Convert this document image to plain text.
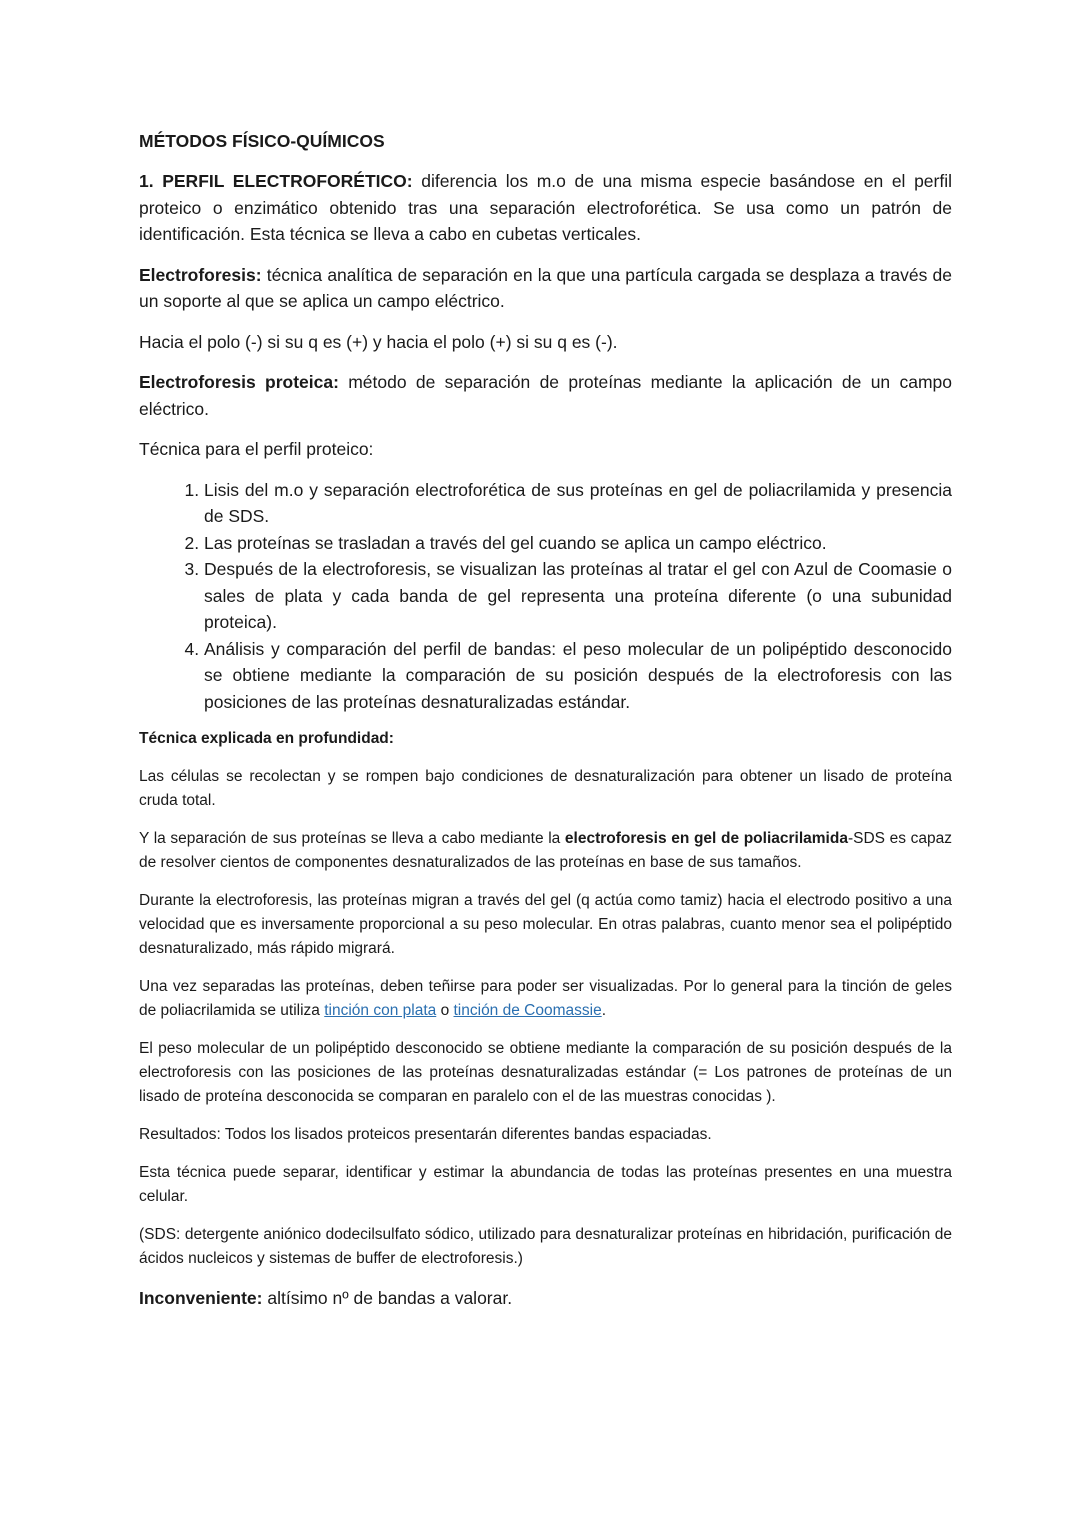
MÉTODOS FÍSICO-QUÍMICOS

1. PERFIL ELECTROFORÉTICO: diferencia los m.o de una misma especie basándose en el perfil proteico o enzimático obtenido tras una separación electroforética. Se usa como un patrón de identificación. Esta técnica se lleva a cabo en cubetas verticales.

Electroforesis: técnica analítica de separación en la que una partícula cargada se desplaza a través de un soporte al que se aplica un campo eléctrico.

Hacia el polo (-) si su q es (+) y hacia el polo (+) si su q es (-).

Electroforesis proteica: método de separación de proteínas mediante la aplicación de un campo eléctrico.

Técnica para el perfil proteico:

1. Lisis del m.o y separación electroforética de sus proteínas en gel de poliacrilamida y presencia de SDS.
2. Las proteínas se trasladan a través del gel cuando se aplica un campo eléctrico.
3. Después de la electroforesis, se visualizan las proteínas al tratar el gel con Azul de Coomasie o sales de plata y cada banda de gel representa una proteína diferente (o una subunidad proteica).
4. Análisis y comparación del perfil de bandas: el peso molecular de un polipéptido desconocido se obtiene mediante la comparación de su posición después de la electroforesis con las posiciones de las proteínas desnaturalizadas estándar.

Técnica explicada en profundidad:

Las células se recolectan y se rompen bajo condiciones de desnaturalización para obtener un lisado de proteína cruda total.

Y la separación de sus proteínas se lleva a cabo mediante la electroforesis en gel de poliacrilamida-SDS es capaz de resolver cientos de componentes desnaturalizados de las proteínas en base de sus tamaños.

Durante la electroforesis, las proteínas migran a través del gel (q actúa como tamiz) hacia el electrodo positivo a una velocidad que es inversamente proporcional a su peso molecular. En otras palabras, cuanto menor sea el polipéptido desnaturalizado, más rápido migrará.

Una vez separadas las proteínas, deben teñirse para poder ser visualizadas. Por lo general para la tinción de geles de poliacrilamida se utiliza tinción con plata o tinción de Coomassie.

El peso molecular de un polipéptido desconocido se obtiene mediante la comparación de su posición después de la electroforesis con las posiciones de las proteínas desnaturalizadas estándar (= Los patrones de proteínas de un lisado de proteína desconocida se comparan en paralelo con el de las muestras conocidas ).

Resultados: Todos los lisados proteicos presentarán diferentes bandas espaciadas.

Esta técnica puede separar, identificar y estimar la abundancia de todas las proteínas presentes en una muestra celular.

(SDS: detergente aniónico dodecilsulfato sódico, utilizado para desnaturalizar proteínas en hibridación, purificación de ácidos nucleicos y sistemas de buffer de electroforesis.)

Inconveniente: altísimo nº de bandas a valorar.
